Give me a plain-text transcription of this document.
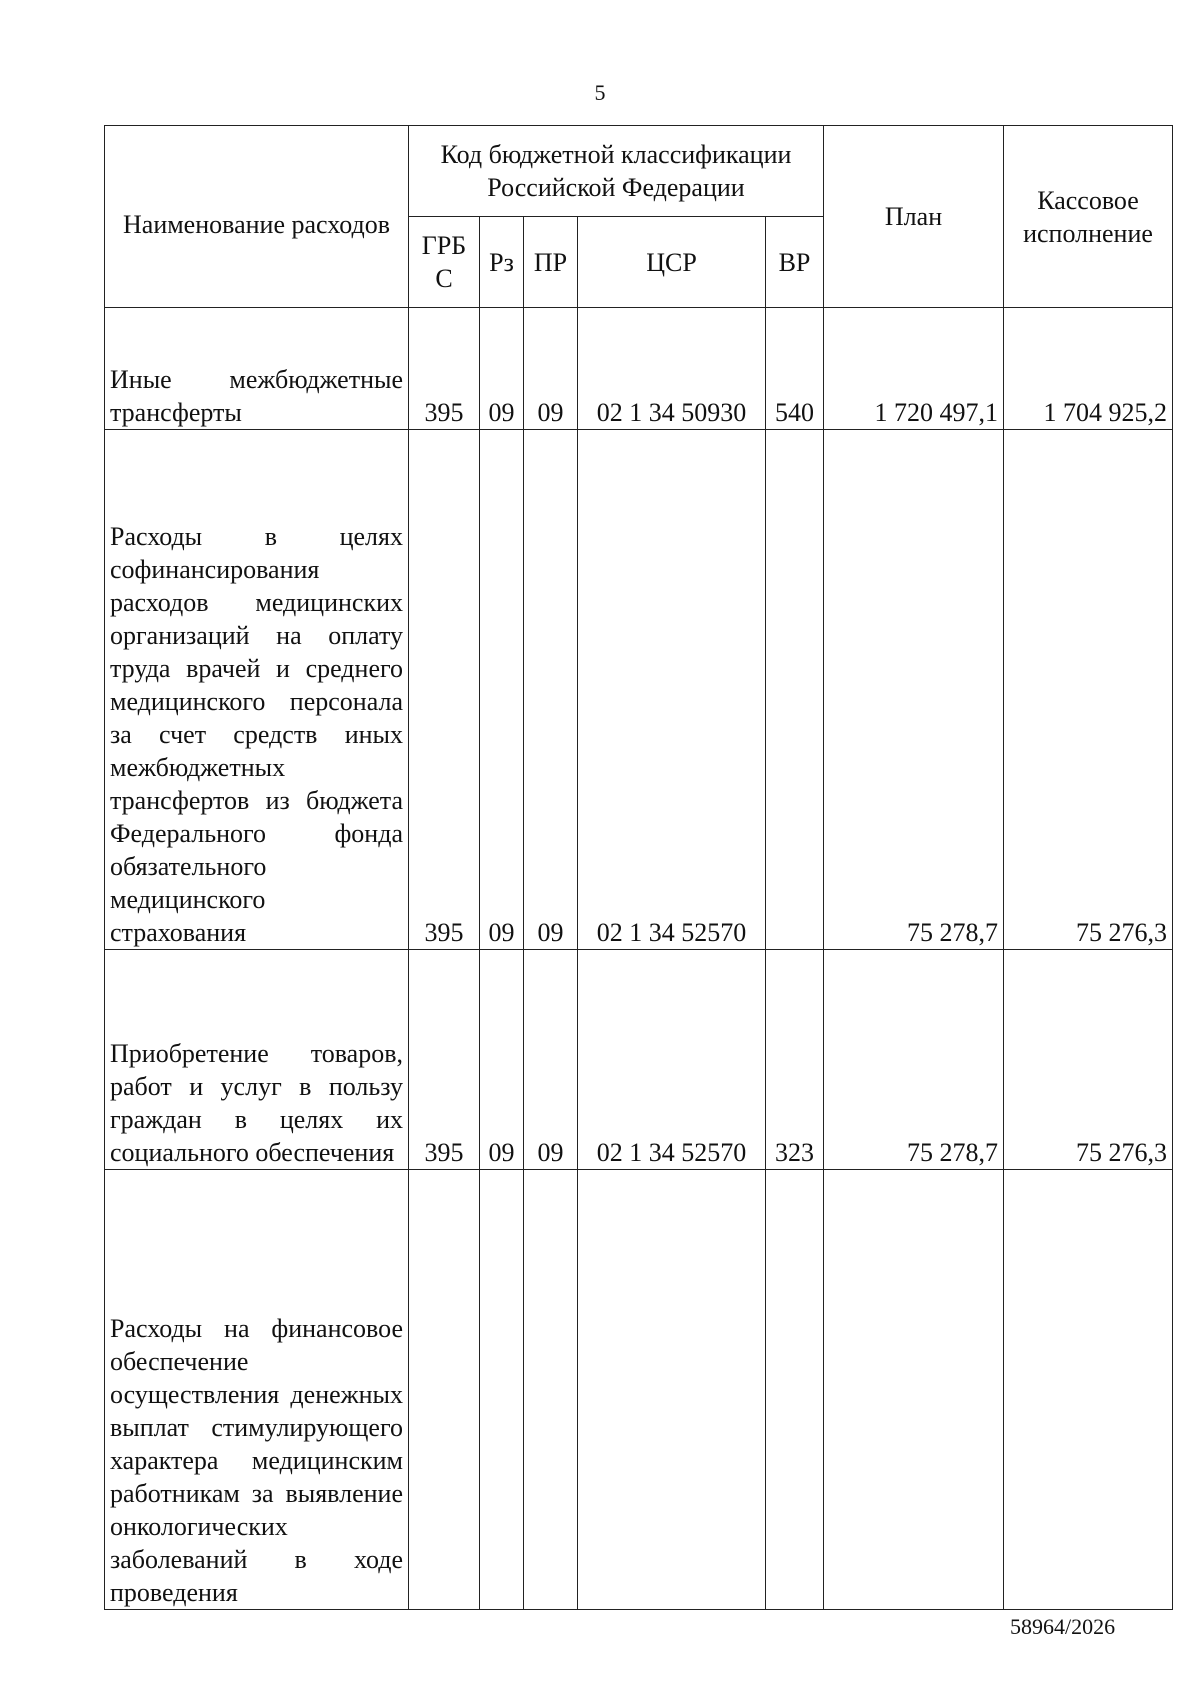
5
Наименование расходов	Код бюджетной классификации Российской Федерации					План	Кассовое исполнение
	ГРБ С	Рз	ПР	ЦСР	ВР		
Иные межбюджетные трансферты	395	09	09	02 1 34 50930	540	1 720 497,1	1 704 925,2
Расходы в целях софинансирования расходов медицинских организаций на оплату труда врачей и среднего медицинского персонала за счет средств иных межбюджетных трансфертов из бюджета Федерального фонда обязательного медицинского страхования	395	09	09	02 1 34 52570		75 278,7	75 276,3
Приобретение товаров, работ и услуг в пользу граждан в целях их социального обеспечения	395	09	09	02 1 34 52570	323	75 278,7	75 276,3
Расходы на финансовое обеспечение осуществления денежных выплат стимулирующего характера медицинским работникам за выявление онкологических заболеваний в ходе проведения							
58964/2026
